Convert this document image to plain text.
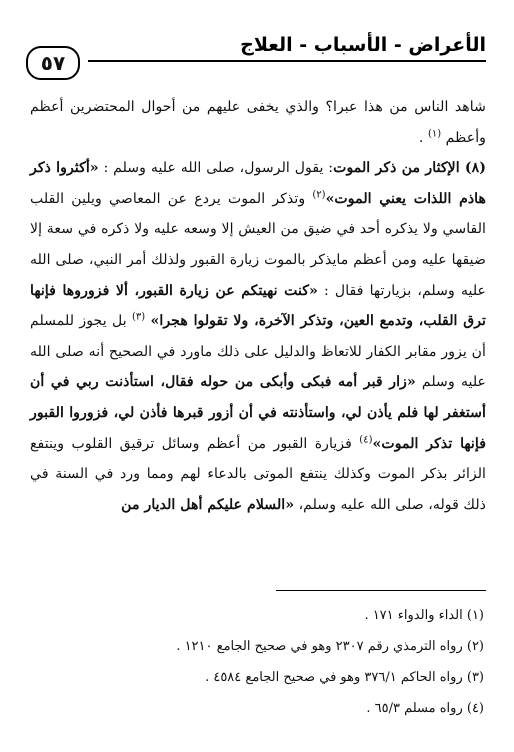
الأعراض - الأسباب - العلاج
٥٧

شاهد الناس من هذا عبرا؟ والذي يخفى عليهم من أحوال المحتضرين أعظم وأعظم $^{(١)}$ .

(٨) الإكثار من ذكر الموت: يقول الرسول، صلى الله عليه وسلم : «أكثروا ذكر هاذم اللذات يعني الموت»$^{(٢)}$ وتذكر الموت يردع عن المعاصي ويلين القلب القاسي ولا يذكره أحد في ضيق من العيش إلا وسعه عليه ولا ذكره في سعة إلا ضيقها عليه ومن أعظم مايذكر بالموت زيارة القبور ولذلك أمر النبي، صلى الله عليه وسلم، بزيارتها فقال : «كنت نهيتكم عن زيارة القبور، ألا فزوروها فإنها ترق القلب، وتدمع العين، وتذكر الآخرة، ولا تقولوا هجرا» $^{(٣)}$ بل يجوز للمسلم أن يزور مقابر الكفار للاتعاظ والدليل على ذلك ماورد في الصحيح أنه صلى الله عليه وسلم «زار قبر أمه فبكى وأبكى من حوله فقال، استأذنت ربي في أن أستغفر لها فلم يأذن لي، واستأذنته في أن أزور قبرها فأذن لي، فزوروا القبور فإنها تذكر الموت»$^{(٤)}$ فزيارة القبور من أعظم وسائل ترقيق القلوب وينتفع الزائر بذكر الموت وكذلك ينتفع الموتى بالدعاء لهم ومما ورد في السنة في ذلك قوله، صلى الله عليه وسلم، «السلام عليكم أهل الديار من

(١) الداء والدواء ١٧١ .
(٢) رواه الترمذي رقم ٢٣٠٧ وهو في صحيح الجامع ١٢١٠ .
(٣) رواه الحاكم ٣٧٦/١ وهو في صحيح الجامع ٤٥٨٤ .
(٤) رواه مسلم ٦٥/٣ .
